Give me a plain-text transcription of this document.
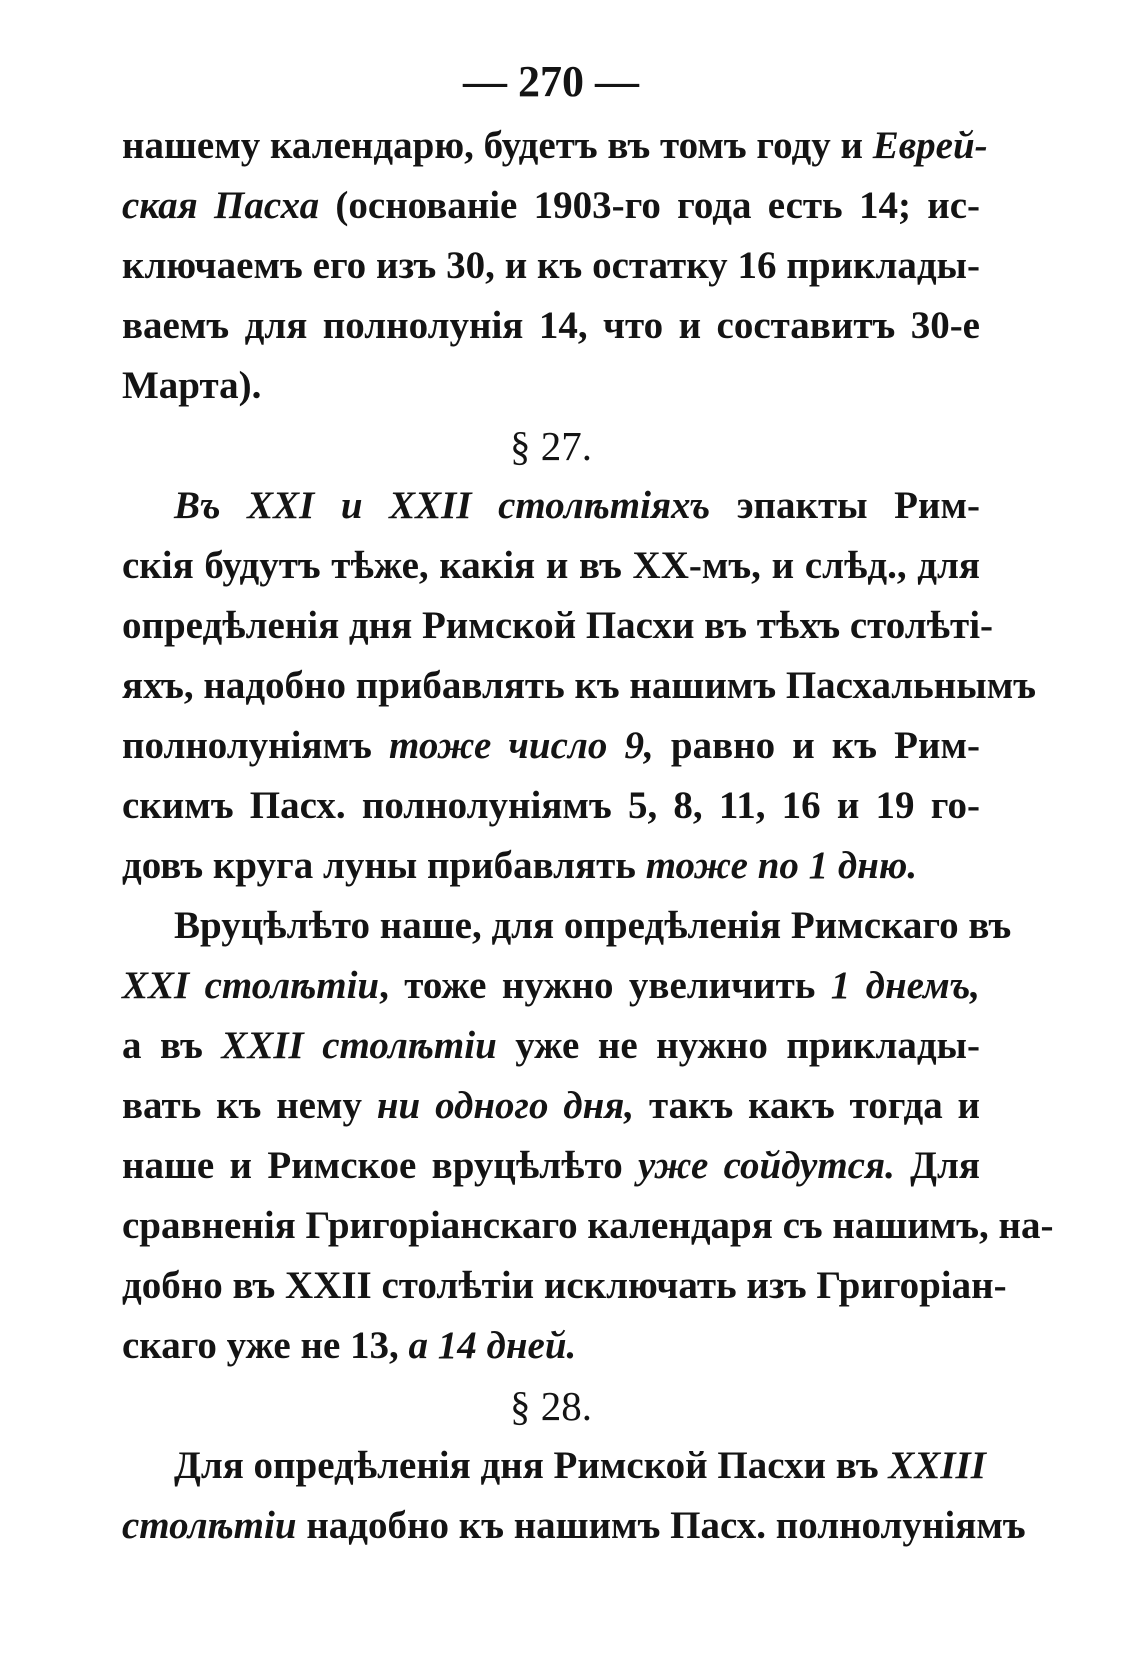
— 270 —
нашему календарю, будетъ въ томъ году и Еврей-
ская Пасха (основаніе 1903-го года есть 14; ис-
ключаемъ его изъ 30, и къ остатку 16 приклады-
ваемъ для полнолунія 14, что и составитъ 30-е
Марта).
§ 27.
Въ XXI и XXII столѣтіяхъ эпакты Рим-
скія будутъ тѣже, какія и въ XX-мъ, и слѣд., для
опредѣленія дня Римской Пасхи въ тѣхъ столѣті-
яхъ, надобно прибавлять къ нашимъ Пасхальнымъ
полнолуніямъ тоже число 9, равно и къ Рим-
скимъ Пасх. полнолуніямъ 5, 8, 11, 16 и 19 го-
довъ круга луны прибавлять тоже по 1 дню.
Вруцѣлѣто наше, для опредѣленія Римскаго въ
XXI столѣтіи, тоже нужно увеличить 1 днемъ,
а въ XXII столѣтіи уже не нужно приклады-
вать къ нему ни одного дня, такъ какъ тогда и
наше и Римское вруцѣлѣто уже сойдутся. Для
сравненія Григоріанскаго календаря съ нашимъ, на-
добно въ XXII столѣтіи исключать изъ Григоріан-
скаго уже не 13, а 14 дней.
§ 28.
Для опредѣленія дня Римской Пасхи въ XXIII
столѣтіи надобно къ нашимъ Пасх. полнолуніямъ
